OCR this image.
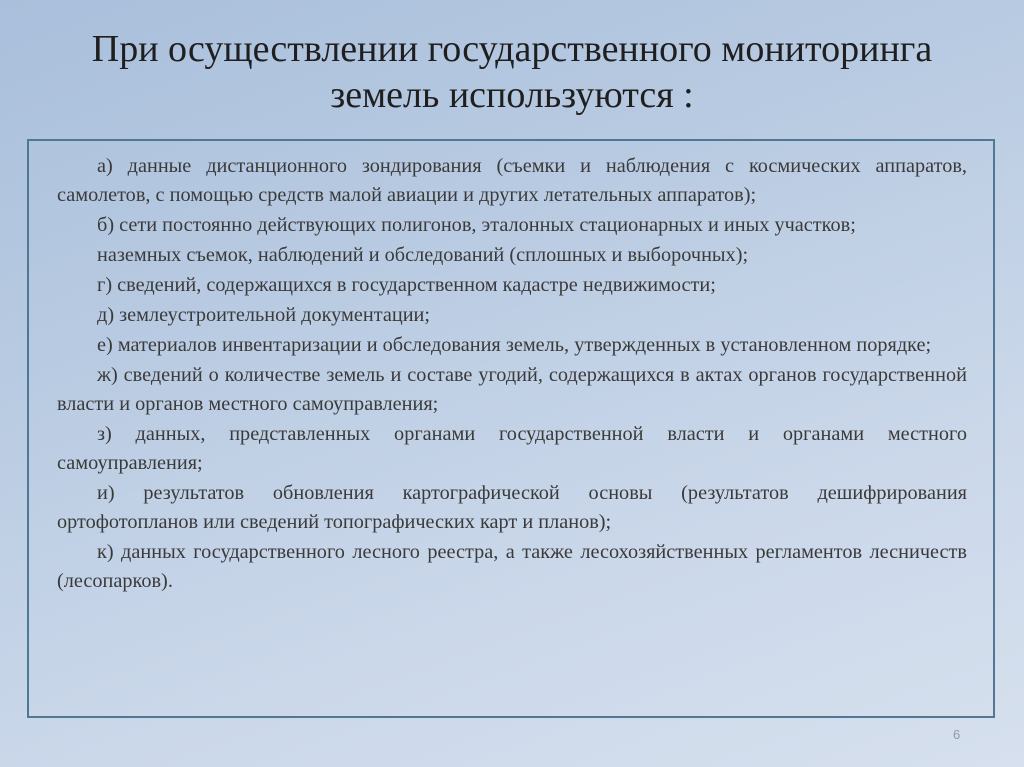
При осуществлении государственного мониторинга
земель используются :

а) данные дистанционного зондирования (съемки и наблюдения с космических аппаратов, самолетов, с помощью средств малой авиации и других летательных аппаратов);

б) сети постоянно действующих полигонов, эталонных стационарных и иных участков;

наземных съемок, наблюдений и обследований (сплошных и выборочных);

г) сведений, содержащихся в государственном кадастре недвижимости;

д) землеустроительной документации;

е) материалов инвентаризации и обследования земель, утвержденных в установленном порядке;

ж) сведений о количестве земель и составе угодий, содержащихся в актах органов государственной власти и органов местного самоуправления;

з) данных, представленных органами государственной власти и органами местного самоуправления;

и) результатов обновления картографической основы (результатов дешифрирования ортофотопланов или сведений топографических карт и планов);

к) данных государственного лесного реестра, а также лесохозяйственных регламентов лесничеств (лесопарков).

6
